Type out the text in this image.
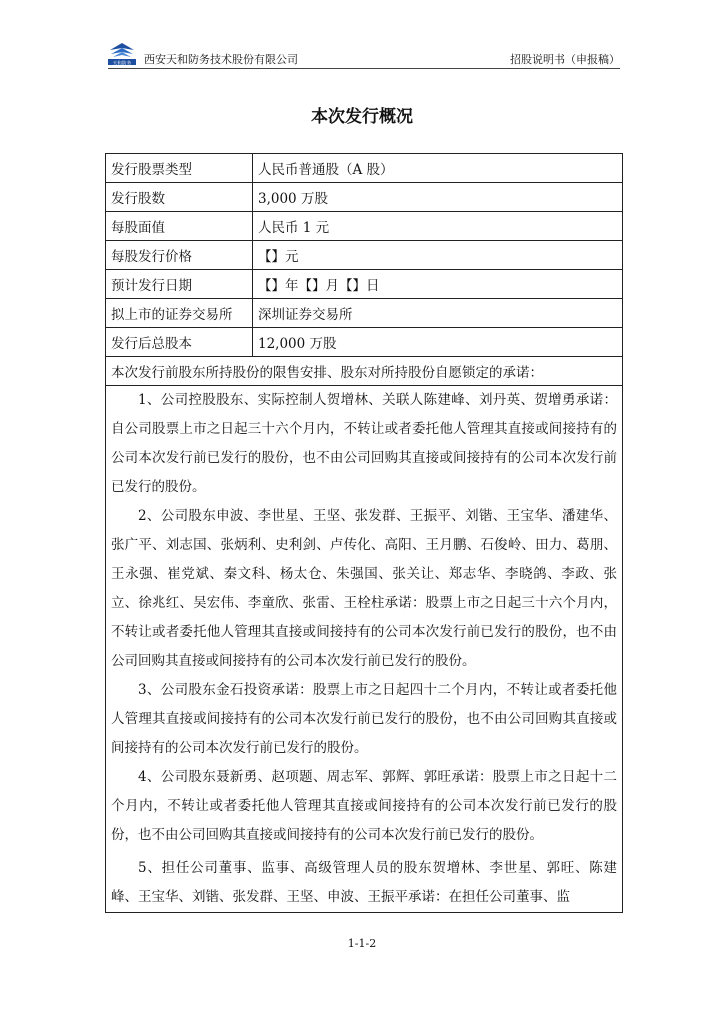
天和防务 西安天和防务技术股份有限公司	招股说明书（申报稿）
本次发行概况
发行股票类型	人民币普通股（A 股）
发行股数	3,000 万股
每股面值	人民币 1 元
每股发行价格	【】元
预计发行日期	【】年【】月【】日
拟上市的证券交易所	深圳证券交易所
发行后总股本	12,000 万股
本次发行前股东所持股份的限售安排、股东对所持股份自愿锁定的承诺：	

1、公司控股股东、实际控制人贺增林、关联人陈建峰、刘丹英、贺增勇承诺：自公司股票上市之日起三十六个月内，不转让或者委托他人管理其直接或间接持有的公司本次发行前已发行的股份，也不由公司回购其直接或间接持有的公司本次发行前已发行的股份。

2、公司股东申波、李世星、王坚、张发群、王振平、刘锴、王宝华、潘建华、张广平、刘志国、张炳利、史利剑、卢传化、高阳、王月鹏、石俊岭、田力、葛朋、王永强、崔党斌、秦文科、杨太仓、朱强国、张关让、郑志华、李晓鸽、李政、张立、徐兆红、吴宏伟、李童欣、张雷、王栓柱承诺：股票上市之日起三十六个月内，不转让或者委托他人管理其直接或间接持有的公司本次发行前已发行的股份，也不由公司回购其直接或间接持有的公司本次发行前已发行的股份。

3、公司股东金石投资承诺：股票上市之日起四十二个月内，不转让或者委托他人管理其直接或间接持有的公司本次发行前已发行的股份，也不由公司回购其直接或间接持有的公司本次发行前已发行的股份。

4、公司股东聂新勇、赵项题、周志军、郭辉、郭旺承诺：股票上市之日起十二个月内，不转让或者委托他人管理其直接或间接持有的公司本次发行前已发行的股份，也不由公司回购其直接或间接持有的公司本次发行前已发行的股份。

5、担任公司董事、监事、高级管理人员的股东贺增林、李世星、郭旺、陈建峰、王宝华、刘锴、张发群、王坚、申波、王振平承诺：在担任公司董事、监	

1-1-2
